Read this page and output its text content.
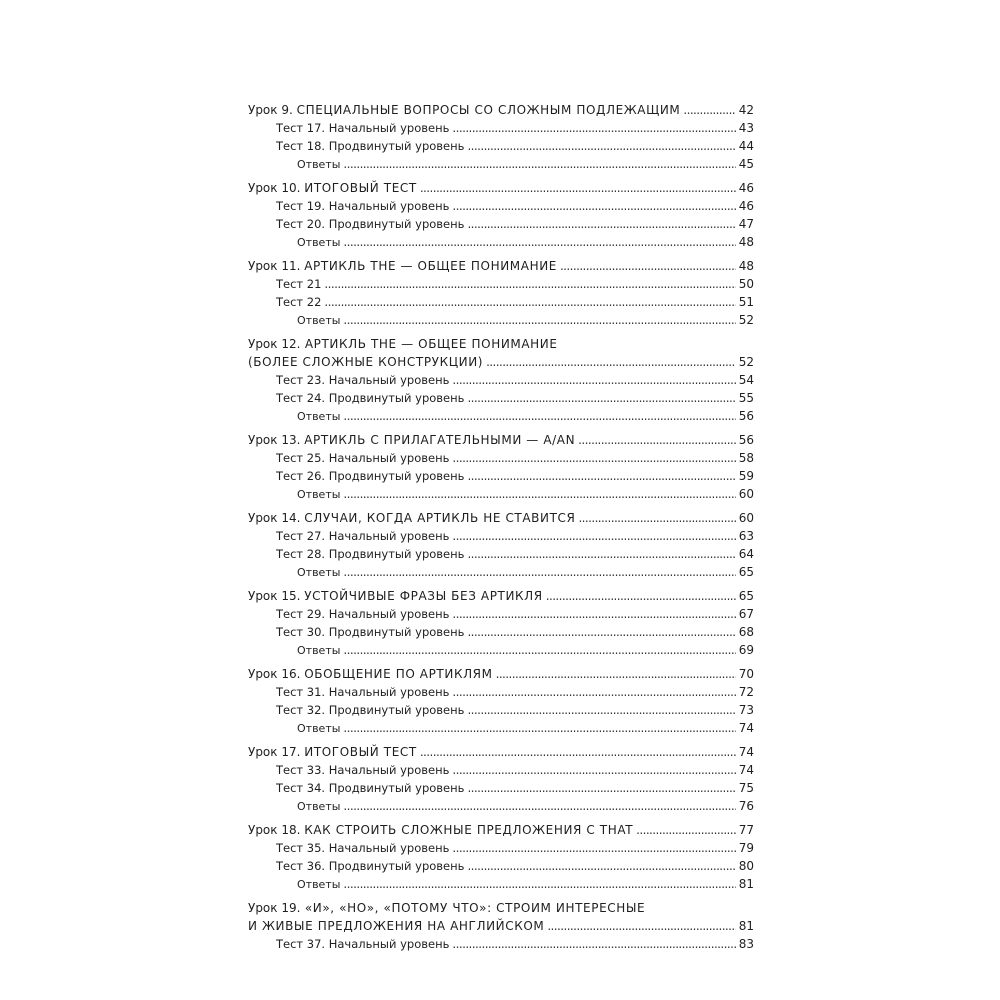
Урок 9. СПЕЦИАЛЬНЫЕ ВОПРОСЫ СО СЛОЖНЫМ ПОДЛЕЖАЩИМ . . .	42
Тест 17. Начальный уровень . . .	43
Тест 18. Продвинутый уровень . . .	44
Ответы . . .	45
Урок 10. ИТОГОВЫЙ ТЕСТ . . .	46
Тест 19. Начальный уровень . . .	46
Тест 20. Продвинутый уровень . . .	47
Ответы . . .	48
Урок 11. АРТИКЛЬ THE — ОБЩЕЕ ПОНИМАНИЕ . . .	48
Тест 21 . . .	50
Тест 22 . . .	51
Ответы . . .	52
Урок 12. АРТИКЛЬ THE — ОБЩЕЕ ПОНИМАНИЕ
(БОЛЕЕ СЛОЖНЫЕ КОНСТРУКЦИИ) . . .	52
Тест 23. Начальный уровень . . .	54
Тест 24. Продвинутый уровень . . .	55
Ответы . . .	56
Урок 13. АРТИКЛЬ С ПРИЛАГАТЕЛЬНЫМИ — A/AN . . .	56
Тест 25. Начальный уровень . . .	58
Тест 26. Продвинутый уровень . . .	59
Ответы . . .	60
Урок 14. СЛУЧАИ, КОГДА АРТИКЛЬ НЕ СТАВИТСЯ . . .	60
Тест 27. Начальный уровень . . .	63
Тест 28. Продвинутый уровень . . .	64
Ответы . . .	65
Урок 15. УСТОЙЧИВЫЕ ФРАЗЫ БЕЗ АРТИКЛЯ . . .	65
Тест 29. Начальный уровень . . .	67
Тест 30. Продвинутый уровень . . .	68
Ответы . . .	69
Урок 16. ОБОБЩЕНИЕ ПО АРТИКЛЯМ . . .	70
Тест 31. Начальный уровень . . .	72
Тест 32. Продвинутый уровень . . .	73
Ответы . . .	74
Урок 17. ИТОГОВЫЙ ТЕСТ . . .	74
Тест 33. Начальный уровень . . .	74
Тест 34. Продвинутый уровень . . .	75
Ответы . . .	76
Урок 18. КАК СТРОИТЬ СЛОЖНЫЕ ПРЕДЛОЖЕНИЯ С THAT . . .	77
Тест 35. Начальный уровень . . .	79
Тест 36. Продвинутый уровень . . .	80
Ответы . . .	81
Урок 19. «И», «НО», «ПОТОМУ ЧТО»: СТРОИМ ИНТЕРЕСНЫЕ
И ЖИВЫЕ ПРЕДЛОЖЕНИЯ НА АНГЛИЙСКОМ . . .	81
Тест 37. Начальный уровень . . .	83
